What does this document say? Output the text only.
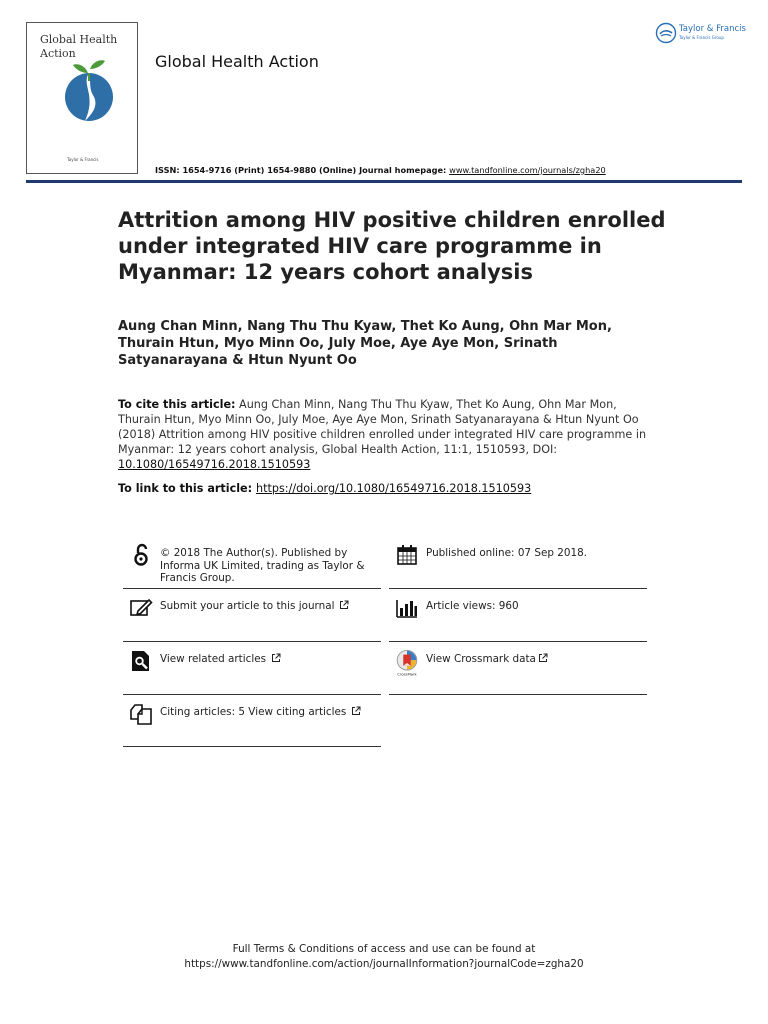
Global Health Action
Taylor & Francis
Global Health Action
Taylor & Francis
Taylor & Francis Group
ISSN: 1654-9716 (Print) 1654-9880 (Online) Journal homepage: www.tandfonline.com/journals/zgha20
Attrition among HIV positive children enrolled under integrated HIV care programme in Myanmar: 12 years cohort analysis
Aung Chan Minn, Nang Thu Thu Kyaw, Thet Ko Aung, Ohn Mar Mon, Thurain Htun, Myo Minn Oo, July Moe, Aye Aye Mon, Srinath Satyanarayana & Htun Nyunt Oo
To cite this article: Aung Chan Minn, Nang Thu Thu Kyaw, Thet Ko Aung, Ohn Mar Mon, Thurain Htun, Myo Minn Oo, July Moe, Aye Aye Mon, Srinath Satyanarayana & Htun Nyunt Oo (2018) Attrition among HIV positive children enrolled under integrated HIV care programme in Myanmar: 12 years cohort analysis, Global Health Action, 11:1, 1510593, DOI: 10.1080/16549716.2018.1510593
To link to this article: https://doi.org/10.1080/16549716.2018.1510593
© 2018 The Author(s). Published by Informa UK Limited, trading as Taylor & Francis Group.
Published online: 07 Sep 2018.
Submit your article to this journal	Article views: 960
View related articles
CrossMark
View Crossmark data
Citing articles: 5 View citing articles
Full Terms & Conditions of access and use can be found at
https://www.tandfonline.com/action/journalInformation?journalCode=zgha20
